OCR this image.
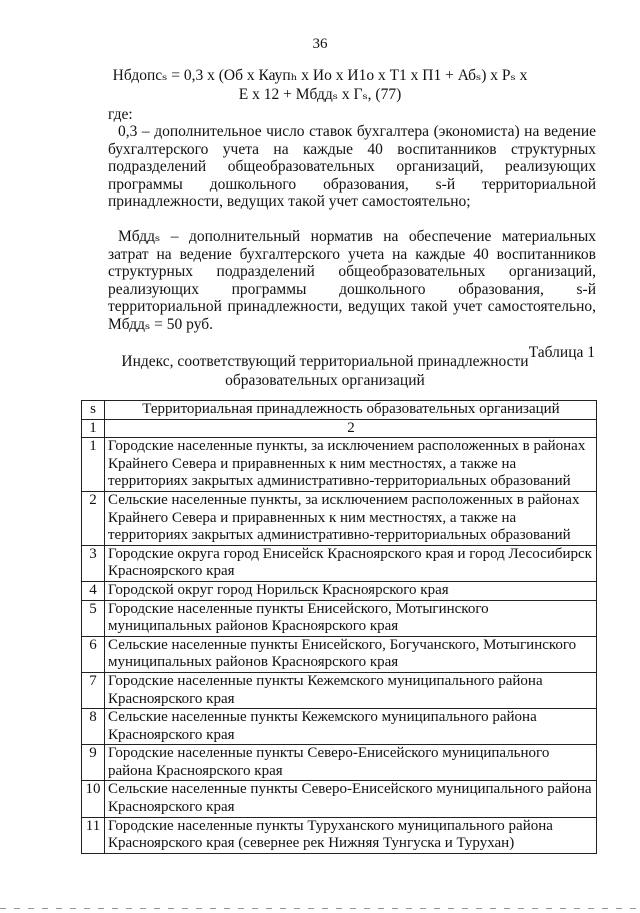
36
Нбдопсₛ = 0,3 x (Об x Каупₕ x Ио x И1о x Т1 x П1 + Абₛ) x Рₛ x
Е x 12 + Мбддₛ x Гₛ, (77)
где:
0,3 – дополнительное число ставок бухгалтера (экономиста) на ведение бухгалтерского учета на каждые 40 воспитанников структурных подразделений общеобразовательных организаций, реализующих программы дошкольного образования, s-й территориальной принадлежности, ведущих такой учет самостоятельно;
Мбддₛ – дополнительный норматив на обеспечение материальных затрат на ведение бухгалтерского учета на каждые 40 воспитанников структурных подразделений общеобразовательных организаций, реализующих программы дошкольного образования, s-й территориальной принадлежности, ведущих такой учет самостоятельно, Мбддₛ = 50 руб.
Таблица 1
Индекс, соответствующий территориальной принадлежности образовательных организаций
s	Территориальная принадлежность образовательных организаций
1	2
1	Городские населенные пункты, за исключением расположенных в районах Крайнего Севера и приравненных к ним местностях, а также на территориях закрытых административно-территориальных образований
2	Сельские населенные пункты, за исключением расположенных в районах Крайнего Севера и приравненных к ним местностях, а также на территориях закрытых административно-территориальных образований
3	Городские округа город Енисейск Красноярского края и город Лесосибирск Красноярского края
4	Городской округ город Норильск Красноярского края
5	Городские населенные пункты Енисейского, Мотыгинского муниципальных районов Красноярского края
6	Сельские населенные пункты Енисейского, Богучанского, Мотыгинского муниципальных районов Красноярского края
7	Городские населенные пункты Кежемского муниципального района Красноярского края
8	Сельские населенные пункты Кежемского муниципального района Красноярского края
9	Городские населенные пункты Северо-Енисейского муниципального района Красноярского края
10	Сельские населенные пункты Северо-Енисейского муниципального района Красноярского края
11	Городские населенные пункты Туруханского муниципального района Красноярского края (севернее рек Нижняя Тунгуска и Турухан)
